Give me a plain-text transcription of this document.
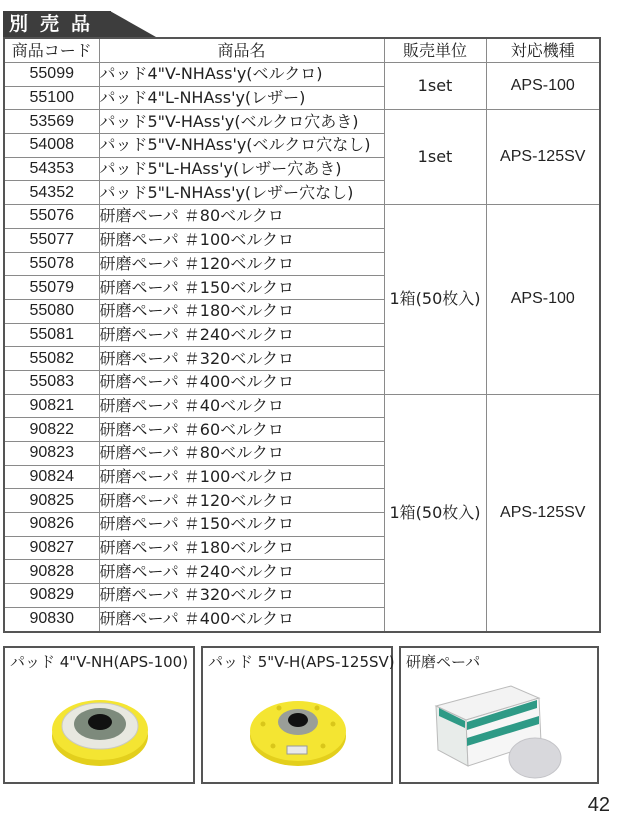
別売品
商品コード	商品名	販売単位	対応機種
55099	パッド4"V-NHAss'y(ベルクロ)	1set	APS-100
55100	パッド4"L-NHAss'y(レザー)		
53569	パッド5"V-HAss'y(ベルクロ穴あき)	1set	APS-125SV
54008	パッド5"V-NHAss'y(ベルクロ穴なし)		
54353	パッド5"L-HAss'y(レザー穴あき)		
54352	パッド5"L-NHAss'y(レザー穴なし)		
55076	研磨ペーパ ＃80ベルクロ	1箱(50枚入)	APS-100
55077	研磨ペーパ ＃100ベルクロ		
55078	研磨ペーパ ＃120ベルクロ		
55079	研磨ペーパ ＃150ベルクロ		
55080	研磨ペーパ ＃180ベルクロ		
55081	研磨ペーパ ＃240ベルクロ		
55082	研磨ペーパ ＃320ベルクロ		
55083	研磨ペーパ ＃400ベルクロ		
90821	研磨ペーパ ＃40ベルクロ	1箱(50枚入)	APS-125SV
90822	研磨ペーパ ＃60ベルクロ		
90823	研磨ペーパ ＃80ベルクロ		
90824	研磨ペーパ ＃100ベルクロ		
90825	研磨ペーパ ＃120ベルクロ		
90826	研磨ペーパ ＃150ベルクロ		
90827	研磨ペーパ ＃180ベルクロ		
90828	研磨ペーパ ＃240ベルクロ		
90829	研磨ペーパ ＃320ベルクロ		
90830	研磨ペーパ ＃400ベルクロ		
パッド 4"V-NH(APS-100) パッド 5"V-H(APS-125SV) 研磨ペーパ
42
